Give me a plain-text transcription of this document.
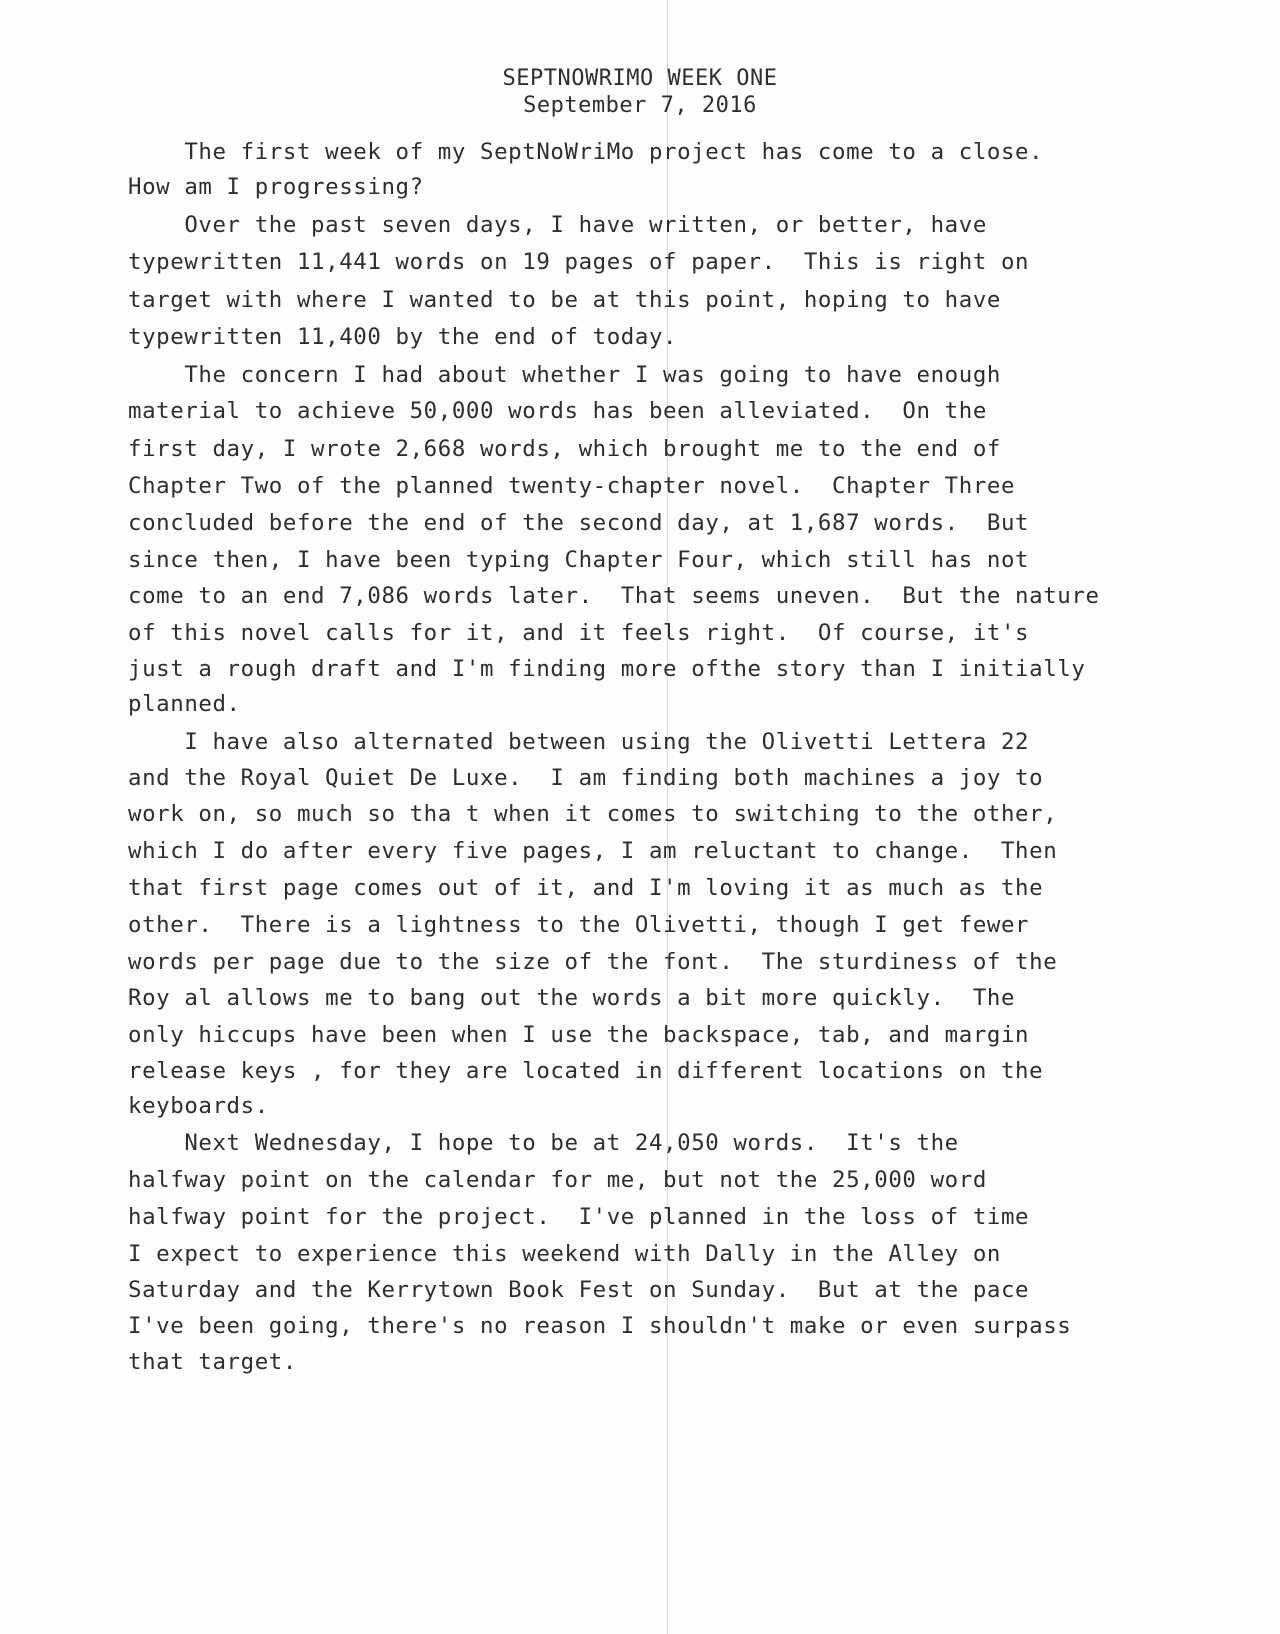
SEPTNOWRIMO WEEK ONE
September 7, 2016
The first week of my SeptNoWriMo project has come to a close.
How am I progressing?
Over the past seven days, I have written, or better, have
typewritten 11,441 words on 19 pages of paper.  This is right on
target with where I wanted to be at this point, hoping to have
typewritten 11,400 by the end of today.
The concern I had about whether I was going to have enough
material to achieve 50,000 words has been alleviated.  On the
first day, I wrote 2,668 words, which brought me to the end of
Chapter Two of the planned twenty-chapter novel.  Chapter Three
concluded before the end of the second day, at 1,687 words.  But
since then, I have been typing Chapter Four, which still has not
come to an end 7,086 words later.  That seems uneven.  But the nature
of this novel calls for it, and it feels right.  Of course, it's
just a rough draft and I'm finding more ofthe story than I initially
planned.
I have also alternated between using the Olivetti Lettera 22
and the Royal Quiet De Luxe.  I am finding both machines a joy to
work on, so much so tha t when it comes to switching to the other,
which I do after every five pages, I am reluctant to change.  Then
that first page comes out of it, and I'm loving it as much as the
other.  There is a lightness to the Olivetti, though I get fewer
words per page due to the size of the font.  The sturdiness of the
Roy al allows me to bang out the words a bit more quickly.  The
only hiccups have been when I use the backspace, tab, and margin
release keys , for they are located in different locations on the
keyboards.
Next Wednesday, I hope to be at 24,050 words.  It's the
halfway point on the calendar for me, but not the 25,000 word
halfway point for the project.  I've planned in the loss of time
I expect to experience this weekend with Dally in the Alley on
Saturday and the Kerrytown Book Fest on Sunday.  But at the pace
I've been going, there's no reason I shouldn't make or even surpass
that target.
